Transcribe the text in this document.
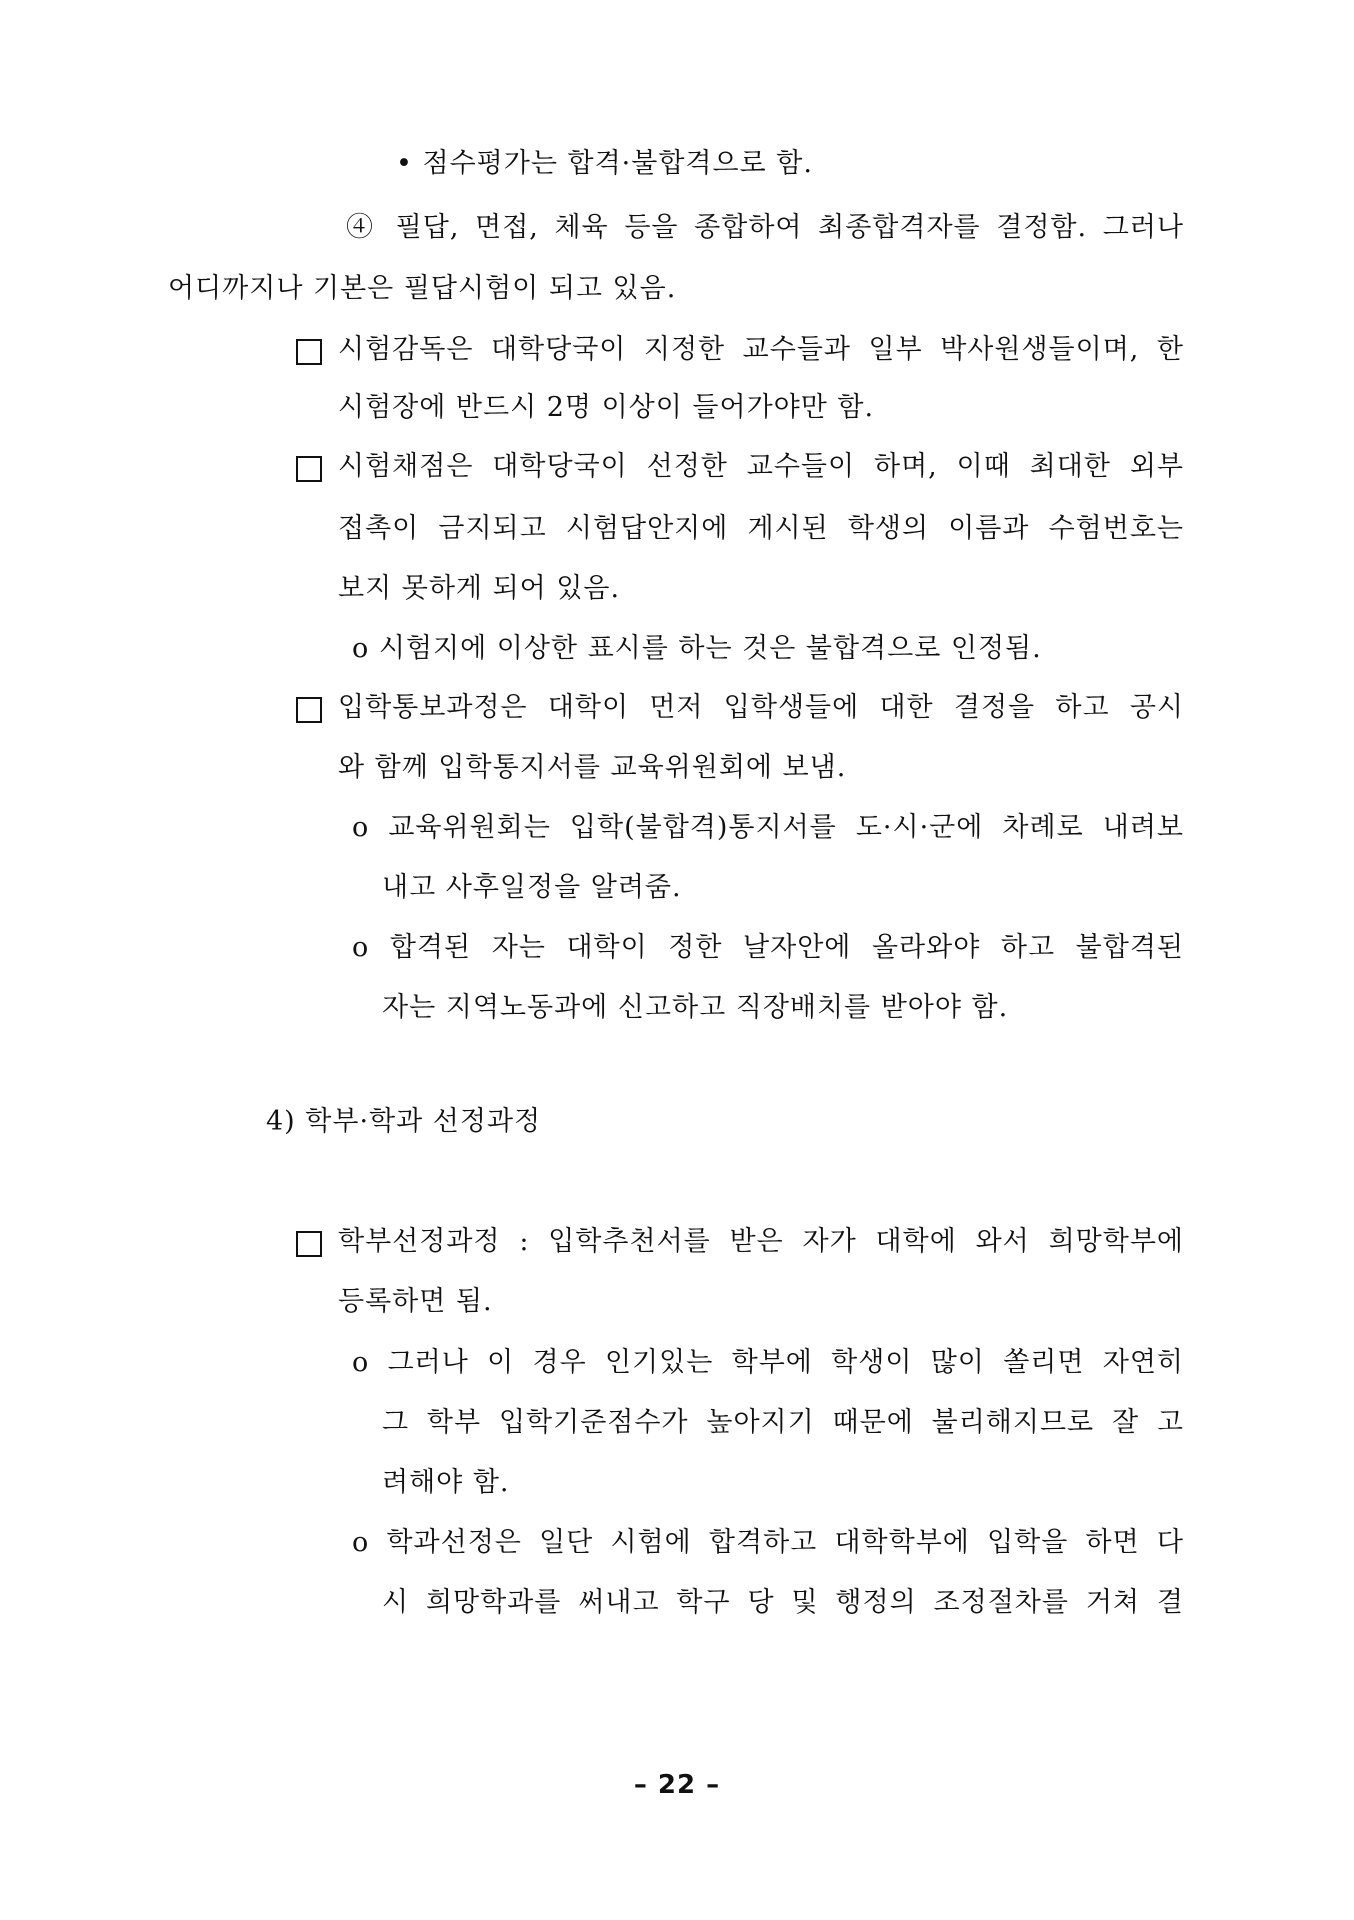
• 점수평가는 합격·불합격으로 함.
④ 필답, 면접, 체육 등을 종합하여 최종합격자를 결정함. 그러나
어디까지나 기본은 필답시험이 되고 있음.
시험감독은 대학당국이 지정한 교수들과 일부 박사원생들이며, 한
시험장에 반드시 2명 이상이 들어가야만 함.
시험채점은 대학당국이 선정한 교수들이 하며, 이때 최대한 외부
접촉이 금지되고 시험답안지에 게시된 학생의 이름과 수험번호는
보지 못하게 되어 있음.
o 시험지에 이상한 표시를 하는 것은 불합격으로 인정됨.
입학통보과정은 대학이 먼저 입학생들에 대한 결정을 하고 공시
와 함께 입학통지서를 교육위원회에 보냄.
o 교육위원회는 입학(불합격)통지서를 도·시·군에 차례로 내려보
내고 사후일정을 알려줌.
o 합격된 자는 대학이 정한 날자안에 올라와야 하고 불합격된
자는 지역노동과에 신고하고 직장배치를 받아야 함.
4) 학부·학과 선정과정
학부선정과정 : 입학추천서를 받은 자가 대학에 와서 희망학부에
등록하면 됨.
o 그러나 이 경우 인기있는 학부에 학생이 많이 쏠리면 자연히
그 학부 입학기준점수가 높아지기 때문에 불리해지므로 잘 고
려해야 함.
o 학과선정은 일단 시험에 합격하고 대학학부에 입학을 하면 다
시 희망학과를 써내고 학구 당 및 행정의 조정절차를 거쳐 결
– 22 –
